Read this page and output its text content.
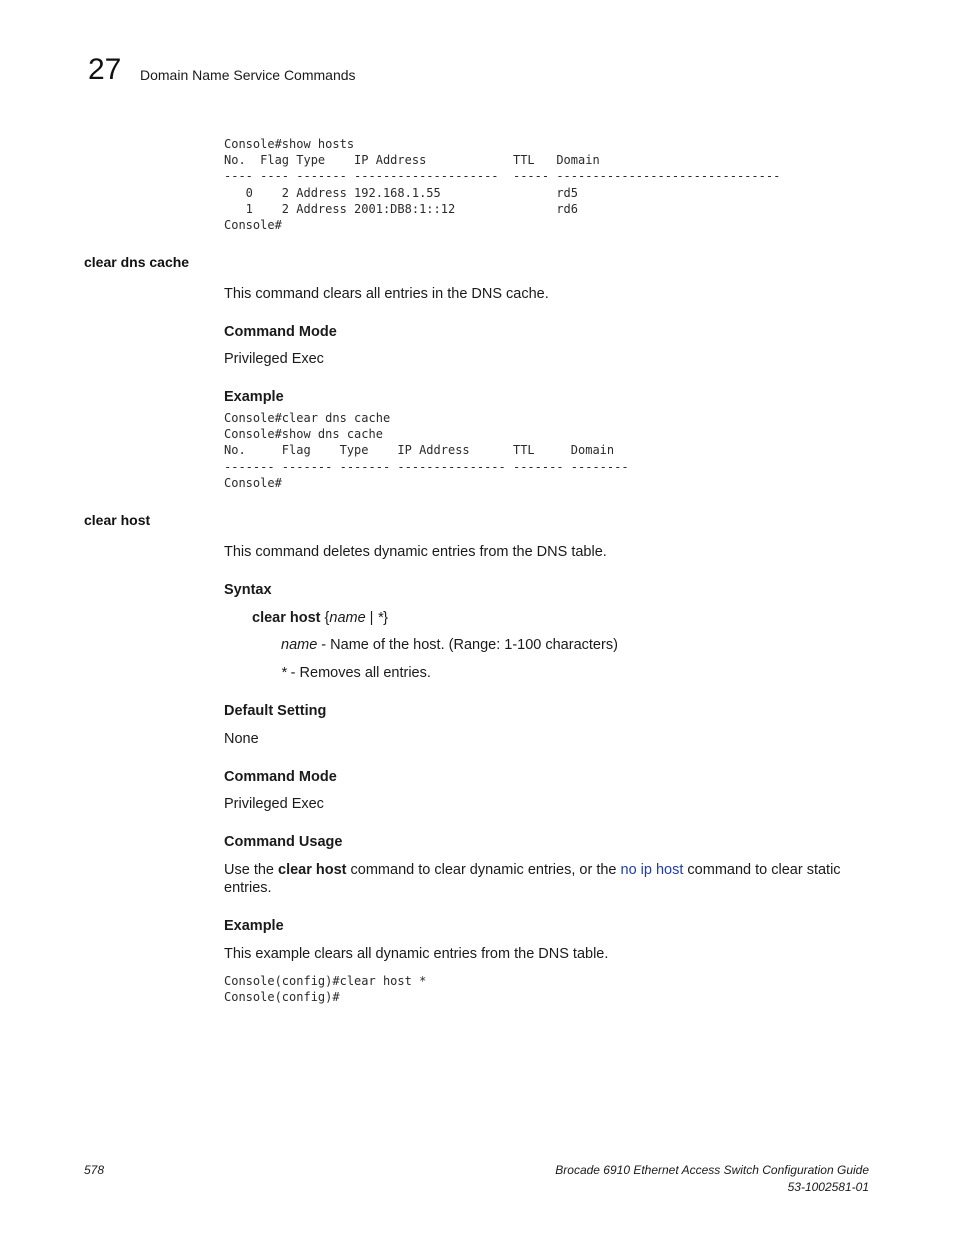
27 Domain Name Service Commands
Console#show hosts
No.  Flag Type    IP Address            TTL   Domain
---- ---- ------- --------------------  ----- -------------------------------
0    2 Address 192.168.1.55                rd5
1    2 Address 2001:DB8:1::12              rd6
Console#
clear dns cache
This command clears all entries in the DNS cache.
Command Mode
Privileged Exec
Example
Console#clear dns cache
Console#show dns cache
No.     Flag    Type    IP Address      TTL     Domain
------- ------- ------- --------------- ------- --------
Console#
clear host
This command deletes dynamic entries from the DNS table.
Syntax
clear host {name | *}
name - Name of the host. (Range: 1-100 characters)
* - Removes all entries.
Default Setting
None
Command Mode
Privileged Exec
Command Usage
Use the clear host command to clear dynamic entries, or the no ip host command to clear static entries.
Example
This example clears all dynamic entries from the DNS table.
Console(config)#clear host *
Console(config)#
578	Brocade 6910 Ethernet Access Switch Configuration Guide
53-1002581-01
